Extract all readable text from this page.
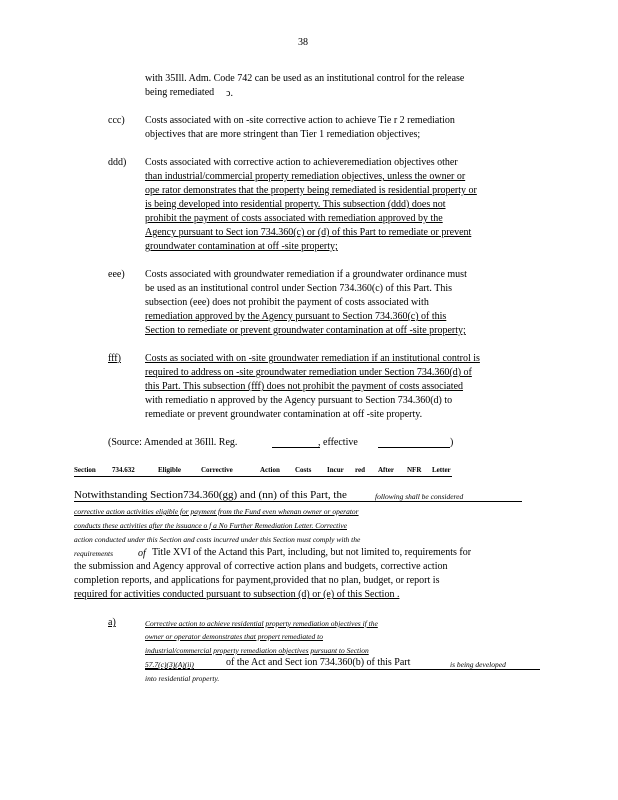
38
with 35Ill. Adm. Code 742 can be used as an institutional control for the release
being remediated ↄ.
ccc) Costs associated with on -site corrective action to achieve Tie r 2 remediation
objectives that are more stringent than Tier 1 remediation objectives;
ddd) Costs associated with corrective action to achieveremediation objectives other
than industrial/commercial property remediation objectives, unless the owner or
ope rator demonstrates that the property being remediated is residential property or
is being developed into residential property. This subsection (ddd) does not
prohibit the payment of costs associated with remediation approved by the
Agency pursuant to Sect ion 734.360(c) or (d) of this Part to remediate or prevent
groundwater contamination at off -site property;
eee) Costs associated with groundwater remediation if a groundwater ordinance must
be used as an institutional control under Section 734.360(c) of this Part. This
subsection (eee) does not prohibit the payment of costs associated with
remediation approved by the Agency pursuant to Section 734.360(c) of this
Section to remediate or prevent groundwater contamination at off -site property;
fff) Costs as sociated with on -site groundwater remediation if an institutional control is
required to address on -site groundwater remediation under Section 734.360(d) of
this Part. This subsection (fff) does not prohibit the payment of costs associated
with remediatio n approved by the Agency pursuant to Section 734.360(d) to
remediate or prevent groundwater contamination at off -site property.
(Source: Amended at 36Ill. Reg.	, effective	)
Section 734.632	Eligible	Corrective	Action Costs Incur red After NFR Letter
Notwithstanding Section734.360(gg) and (nn) of this Part, the	following shall be considered
corrective action activities eligible for payment from the Fund even whenan owner or operator
conducts these activities after the issuance o f a No Further Remediation Letter. Corrective
action conducted under this Section and costs incurred under this Section must comply with the
requirements of Title XVI of the Actand this Part, including, but not limited to, requirements for
the submission and Agency approval of corrective action plans and budgets, corrective action
completion reports, and applications for payment,provided that no plan, budget, or report is
required for activities conducted pursuant to subsection (d) or (e) of this Section .
a)	Corrective action to achieve residential property remediation objectives if the
owner or operator demonstrates that propert remediated to
industrial/commercial property remediation objectives pursuant to Section
57.7(c)(3)(A)(ii)	of the Act and Sect ion 734.360(b) of this Part	is being developed
into residential property.
